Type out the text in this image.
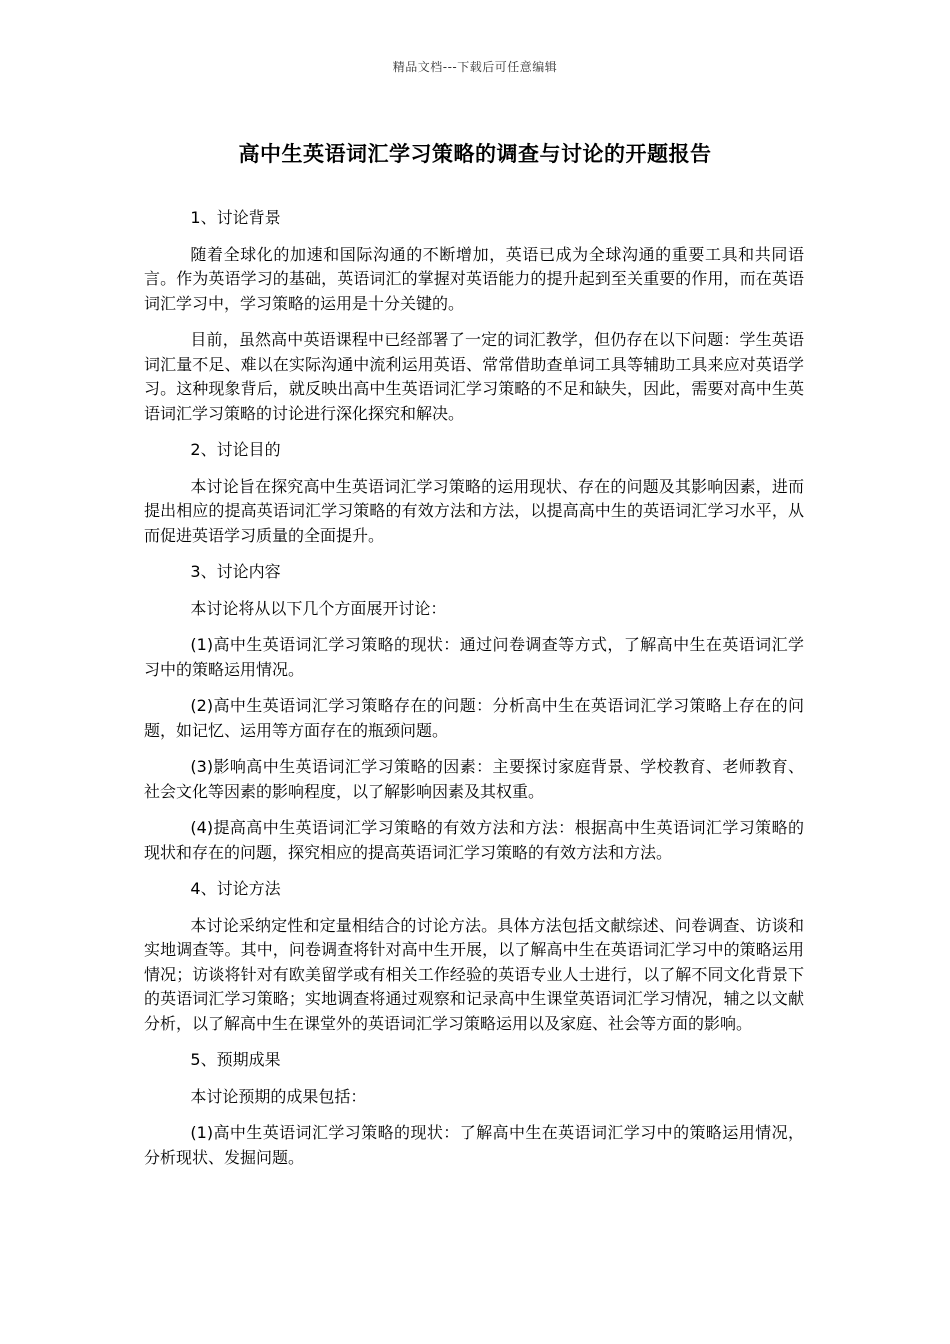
精品文档---下载后可任意编辑
高中生英语词汇学习策略的调查与讨论的开题报告

1、讨论背景

随着全球化的加速和国际沟通的不断增加，英语已成为全球沟通的重要工具和共同语言。作为英语学习的基础，英语词汇的掌握对英语能力的提升起到至关重要的作用，而在英语词汇学习中，学习策略的运用是十分关键的。

目前，虽然高中英语课程中已经部署了一定的词汇教学，但仍存在以下问题：学生英语词汇量不足、难以在实际沟通中流利运用英语、常常借助查单词工具等辅助工具来应对英语学习。这种现象背后，就反映出高中生英语词汇学习策略的不足和缺失，因此，需要对高中生英语词汇学习策略的讨论进行深化探究和解决。

2、讨论目的

本讨论旨在探究高中生英语词汇学习策略的运用现状、存在的问题及其影响因素，进而提出相应的提高英语词汇学习策略的有效方法和方法，以提高高中生的英语词汇学习水平，从而促进英语学习质量的全面提升。

3、讨论内容

本讨论将从以下几个方面展开讨论：

(1)高中生英语词汇学习策略的现状：通过问卷调查等方式，了解高中生在英语词汇学习中的策略运用情况。

(2)高中生英语词汇学习策略存在的问题：分析高中生在英语词汇学习策略上存在的问题，如记忆、运用等方面存在的瓶颈问题。

(3)影响高中生英语词汇学习策略的因素：主要探讨家庭背景、学校教育、老师教育、社会文化等因素的影响程度，以了解影响因素及其权重。

(4)提高高中生英语词汇学习策略的有效方法和方法：根据高中生英语词汇学习策略的现状和存在的问题，探究相应的提高英语词汇学习策略的有效方法和方法。

4、讨论方法

本讨论采纳定性和定量相结合的讨论方法。具体方法包括文献综述、问卷调查、访谈和实地调查等。其中，问卷调查将针对高中生开展，以了解高中生在英语词汇学习中的策略运用情况；访谈将针对有欧美留学或有相关工作经验的英语专业人士进行，以了解不同文化背景下的英语词汇学习策略；实地调查将通过观察和记录高中生课堂英语词汇学习情况，辅之以文献分析，以了解高中生在课堂外的英语词汇学习策略运用以及家庭、社会等方面的影响。

5、预期成果

本讨论预期的成果包括：

(1)高中生英语词汇学习策略的现状：了解高中生在英语词汇学习中的策略运用情况，分析现状、发掘问题。
